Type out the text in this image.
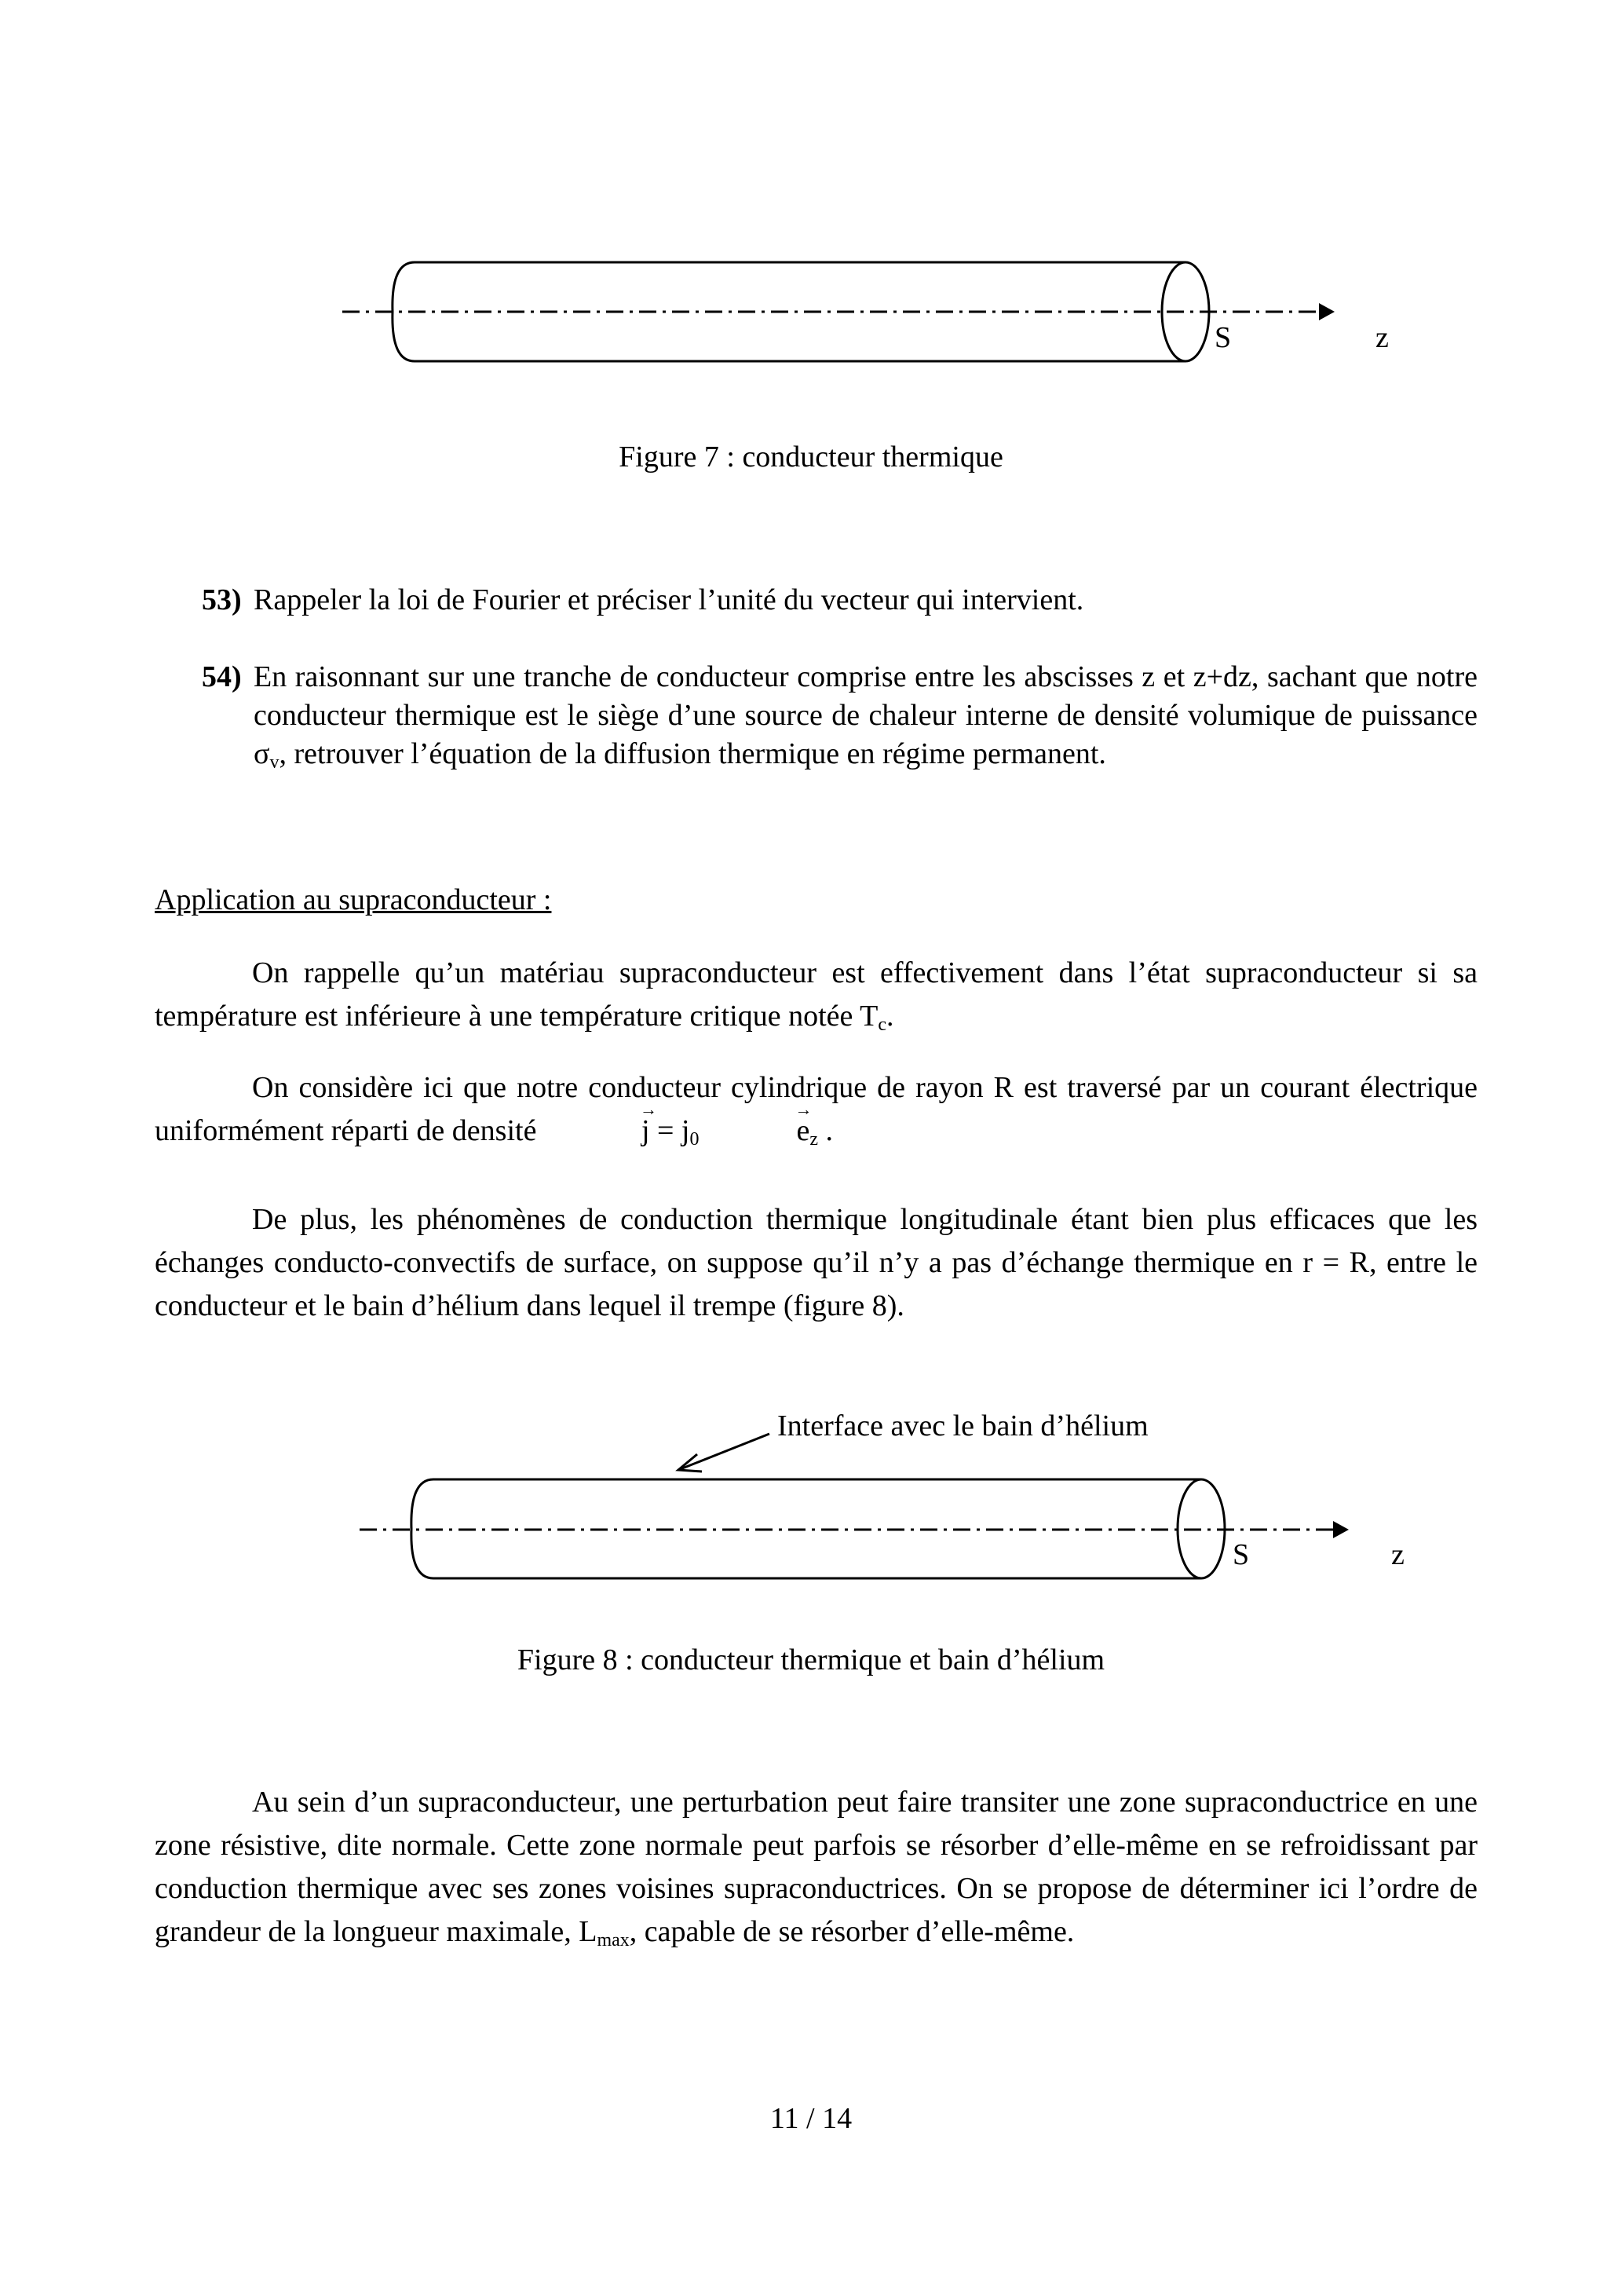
S	z
Figure 7 : conducteur thermique
53) Rappeler la loi de Fourier et préciser l’unité du vecteur qui intervient.
54) En raisonnant sur une tranche de conducteur comprise entre les abscisses z et z+dz, sachant que notre conducteur thermique est le siège d’une source de chaleur interne de densité volumique de puissance $\sigma_v$, retrouver l’équation de la diffusion thermique en régime permanent.
Application au supraconducteur :
On rappelle qu’un matériau supraconducteur est effectivement dans l’état supraconducteur si sa température est inférieure à une température critique notée $T_c$.
On considère ici que notre conducteur cylindrique de rayon R est traversé par un courant électrique uniformément réparti de densité	→ $j = j_0$	→ $e_z$ .
De plus, les phénomènes de conduction thermique longitudinale étant bien plus efficaces que les échanges conducto-convectifs de surface, on suppose qu’il n’y a pas d’échange thermique en r = R, entre le conducteur et le bain d’hélium dans lequel il trempe (figure 8).
Interface avec le bain d’hélium
S	z
Figure 8 : conducteur thermique et bain d’hélium
Au sein d’un supraconducteur, une perturbation peut faire transiter une zone supraconductrice en une zone résistive, dite normale. Cette zone normale peut parfois se résorber d’elle-même en se refroidissant par conduction thermique avec ses zones voisines supraconductrices. On se propose de déterminer ici l’ordre de grandeur de la longueur maximale, $L_{max}$, capable de se résorber d’elle-même.
11 / 14
